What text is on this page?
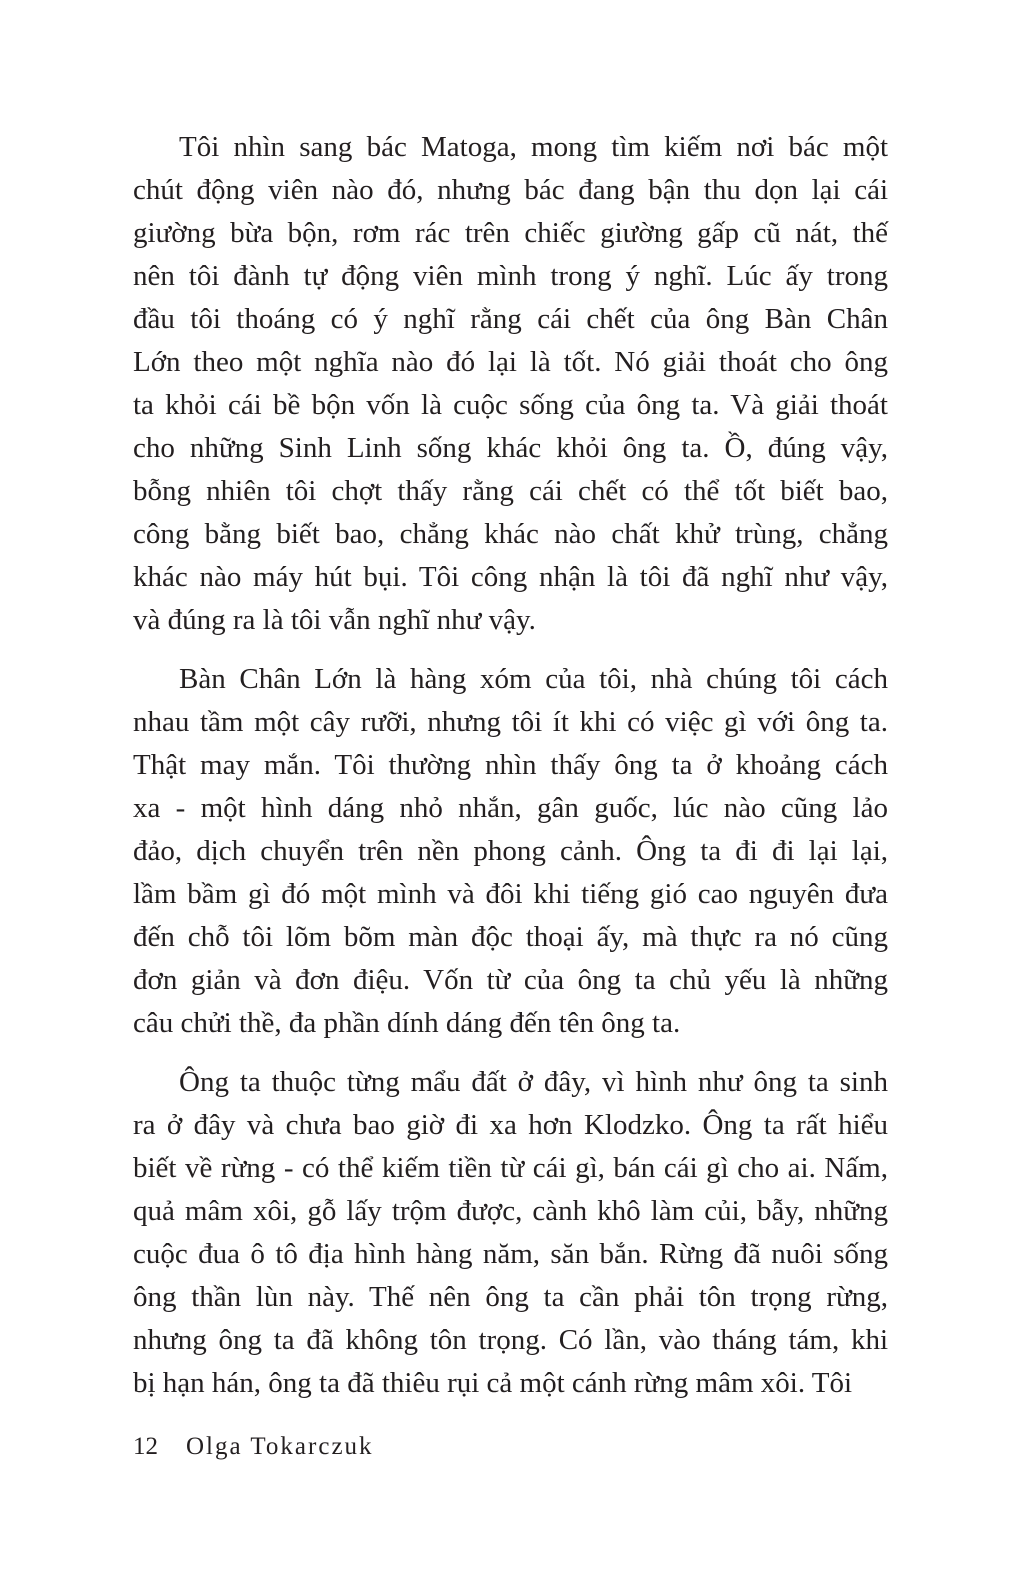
Tôi nhìn sang bác Matoga, mong tìm kiếm nơi bác một
chút động viên nào đó, nhưng bác đang bận thu dọn lại cái
giường bừa bộn, rơm rác trên chiếc giường gấp cũ nát, thế
nên tôi đành tự động viên mình trong ý nghĩ. Lúc ấy trong
đầu tôi thoáng có ý nghĩ rằng cái chết của ông Bàn Chân
Lớn theo một nghĩa nào đó lại là tốt. Nó giải thoát cho ông
ta khỏi cái bề bộn vốn là cuộc sống của ông ta. Và giải thoát
cho những Sinh Linh sống khác khỏi ông ta. Ồ, đúng vậy,
bỗng nhiên tôi chợt thấy rằng cái chết có thể tốt biết bao,
công bằng biết bao, chẳng khác nào chất khử trùng, chẳng
khác nào máy hút bụi. Tôi công nhận là tôi đã nghĩ như vậy,
và đúng ra là tôi vẫn nghĩ như vậy.

Bàn Chân Lớn là hàng xóm của tôi, nhà chúng tôi cách
nhau tầm một cây rưỡi, nhưng tôi ít khi có việc gì với ông ta.
Thật may mắn. Tôi thường nhìn thấy ông ta ở khoảng cách
xa - một hình dáng nhỏ nhắn, gân guốc, lúc nào cũng lảo
đảo, dịch chuyển trên nền phong cảnh. Ông ta đi đi lại lại,
lầm bầm gì đó một mình và đôi khi tiếng gió cao nguyên đưa
đến chỗ tôi lõm bõm màn độc thoại ấy, mà thực ra nó cũng
đơn giản và đơn điệu. Vốn từ của ông ta chủ yếu là những
câu chửi thề, đa phần dính dáng đến tên ông ta.

Ông ta thuộc từng mẩu đất ở đây, vì hình như ông ta sinh
ra ở đây và chưa bao giờ đi xa hơn Klodzko. Ông ta rất hiểu
biết về rừng - có thể kiếm tiền từ cái gì, bán cái gì cho ai. Nấm,
quả mâm xôi, gỗ lấy trộm được, cành khô làm củi, bẫy, những
cuộc đua ô tô địa hình hàng năm, săn bắn. Rừng đã nuôi sống
ông thần lùn này. Thế nên ông ta cần phải tôn trọng rừng,
nhưng ông ta đã không tôn trọng. Có lần, vào tháng tám, khi
bị hạn hán, ông ta đã thiêu rụi cả một cánh rừng mâm xôi. Tôi

12 Olga Tokarczuk
